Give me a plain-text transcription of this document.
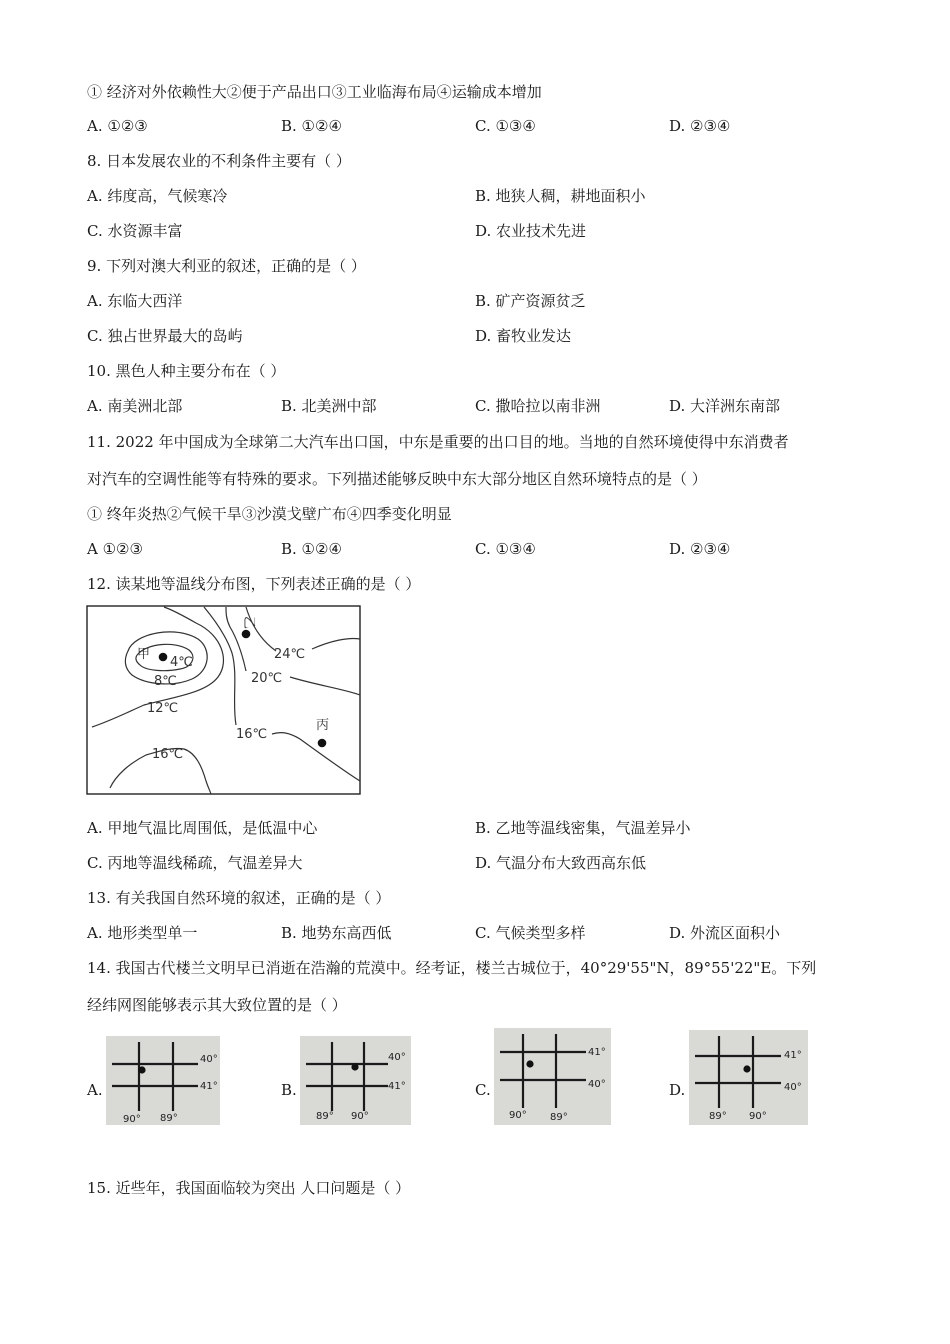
① 经济对外依赖性大②便于产品出口③工业临海布局④运输成本增加
A. ①②③	B. ①②④	C. ①③④	D. ②③④
8. 日本发展农业的不利条件主要有（ ）
A. 纬度高，气候寒冷	B. 地狭人稠，耕地面积小
C. 水资源丰富	D. 农业技术先进
9. 下列对澳大利亚的叙述，正确的是（ ）
A. 东临大西洋	B. 矿产资源贫乏
C. 独占世界最大的岛屿	D. 畜牧业发达
10. 黑色人种主要分布在（ ）
A. 南美洲北部	B. 北美洲中部	C. 撒哈拉以南非洲	D. 大洋洲东南部
11. 2022 年中国成为全球第二大汽车出口国，中东是重要的出口目的地。当地的自然环境使得中东消费者
对汽车的空调性能等有特殊的要求。下列描述能够反映中东大部分地区自然环境特点的是（ ）
① 终年炎热②气候干旱③沙漠戈壁广布④四季变化明显
A ①②③	B. ①②④	C. ①③④	D. ②③④
12. 读某地等温线分布图，下列表述正确的是（ ）
甲
4℃
8℃
乙
24℃
20℃
12℃
丙
16℃
16℃
A. 甲地气温比周围低，是低温中心	B. 乙地等温线密集，气温差异小
C. 丙地等温线稀疏，气温差异大	D. 气温分布大致西高东低
13. 有关我国自然环境的叙述，正确的是（ ）
A. 地形类型单一	B. 地势东高西低	C. 气候类型多样	D. 外流区面积小
14. 我国古代楼兰文明早已消逝在浩瀚的荒漠中。经考证，楼兰古城位于，40°29'55"N，89°55'22"E。下列
经纬网图能够表示其大致位置的是（ ）
A.
40°
41°
90° 89°
B.
40°
41°
89° 90°
C.
41°
40°
90° 89°
D.
41°
40°
89° 90°
15. 近些年，我国面临较为突出 人口问题是（ ）
